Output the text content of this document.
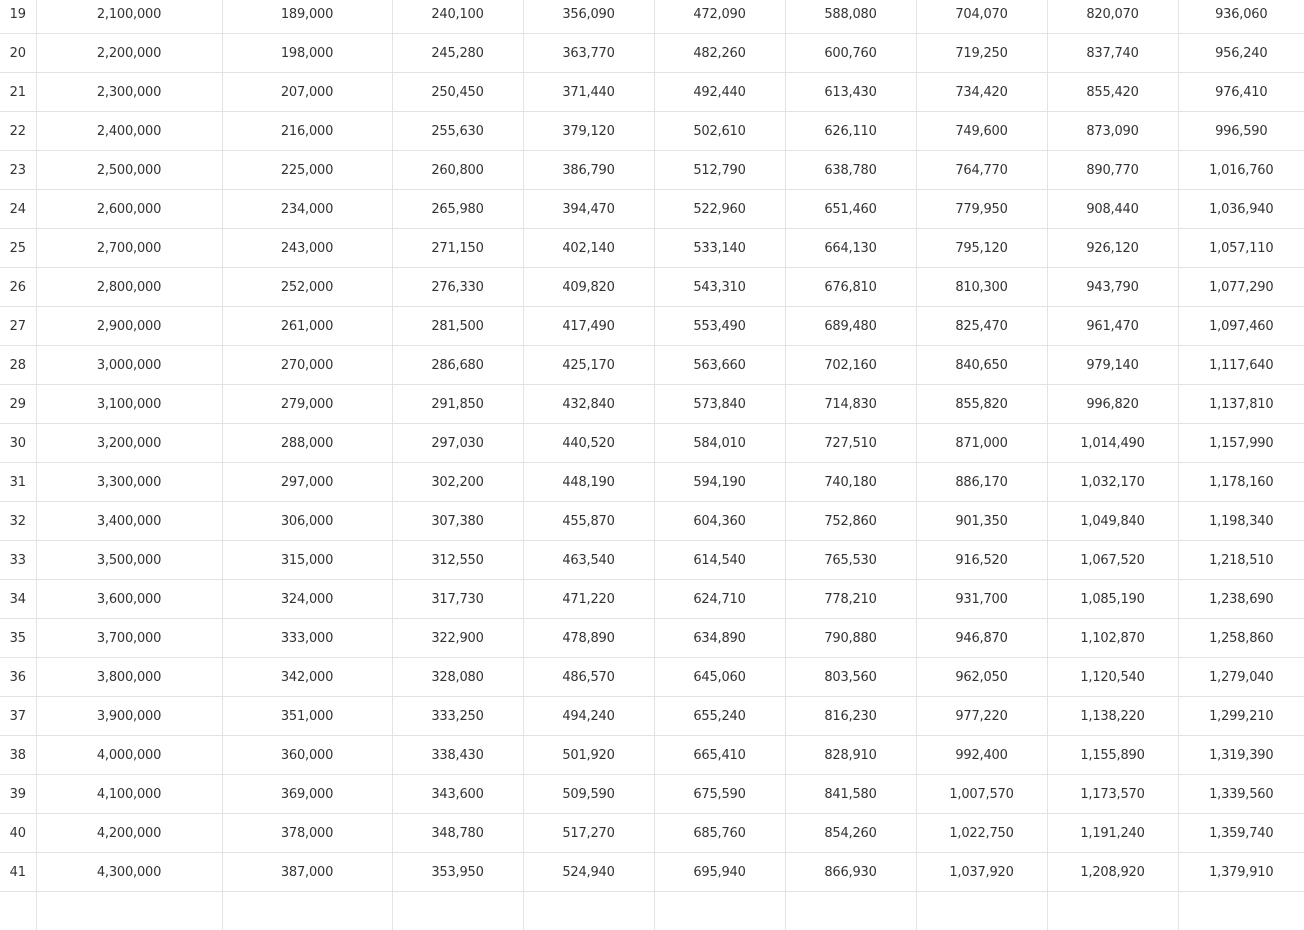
19	2,100,000	189,000	240,100	356,090	472,090	588,080	704,070	820,070	936,060
20	2,200,000	198,000	245,280	363,770	482,260	600,760	719,250	837,740	956,240
21	2,300,000	207,000	250,450	371,440	492,440	613,430	734,420	855,420	976,410
22	2,400,000	216,000	255,630	379,120	502,610	626,110	749,600	873,090	996,590
23	2,500,000	225,000	260,800	386,790	512,790	638,780	764,770	890,770	1,016,760
24	2,600,000	234,000	265,980	394,470	522,960	651,460	779,950	908,440	1,036,940
25	2,700,000	243,000	271,150	402,140	533,140	664,130	795,120	926,120	1,057,110
26	2,800,000	252,000	276,330	409,820	543,310	676,810	810,300	943,790	1,077,290
27	2,900,000	261,000	281,500	417,490	553,490	689,480	825,470	961,470	1,097,460
28	3,000,000	270,000	286,680	425,170	563,660	702,160	840,650	979,140	1,117,640
29	3,100,000	279,000	291,850	432,840	573,840	714,830	855,820	996,820	1,137,810
30	3,200,000	288,000	297,030	440,520	584,010	727,510	871,000	1,014,490	1,157,990
31	3,300,000	297,000	302,200	448,190	594,190	740,180	886,170	1,032,170	1,178,160
32	3,400,000	306,000	307,380	455,870	604,360	752,860	901,350	1,049,840	1,198,340
33	3,500,000	315,000	312,550	463,540	614,540	765,530	916,520	1,067,520	1,218,510
34	3,600,000	324,000	317,730	471,220	624,710	778,210	931,700	1,085,190	1,238,690
35	3,700,000	333,000	322,900	478,890	634,890	790,880	946,870	1,102,870	1,258,860
36	3,800,000	342,000	328,080	486,570	645,060	803,560	962,050	1,120,540	1,279,040
37	3,900,000	351,000	333,250	494,240	655,240	816,230	977,220	1,138,220	1,299,210
38	4,000,000	360,000	338,430	501,920	665,410	828,910	992,400	1,155,890	1,319,390
39	4,100,000	369,000	343,600	509,590	675,590	841,580	1,007,570	1,173,570	1,339,560
40	4,200,000	378,000	348,780	517,270	685,760	854,260	1,022,750	1,191,240	1,359,740
41	4,300,000	387,000	353,950	524,940	695,940	866,930	1,037,920	1,208,920	1,379,910
